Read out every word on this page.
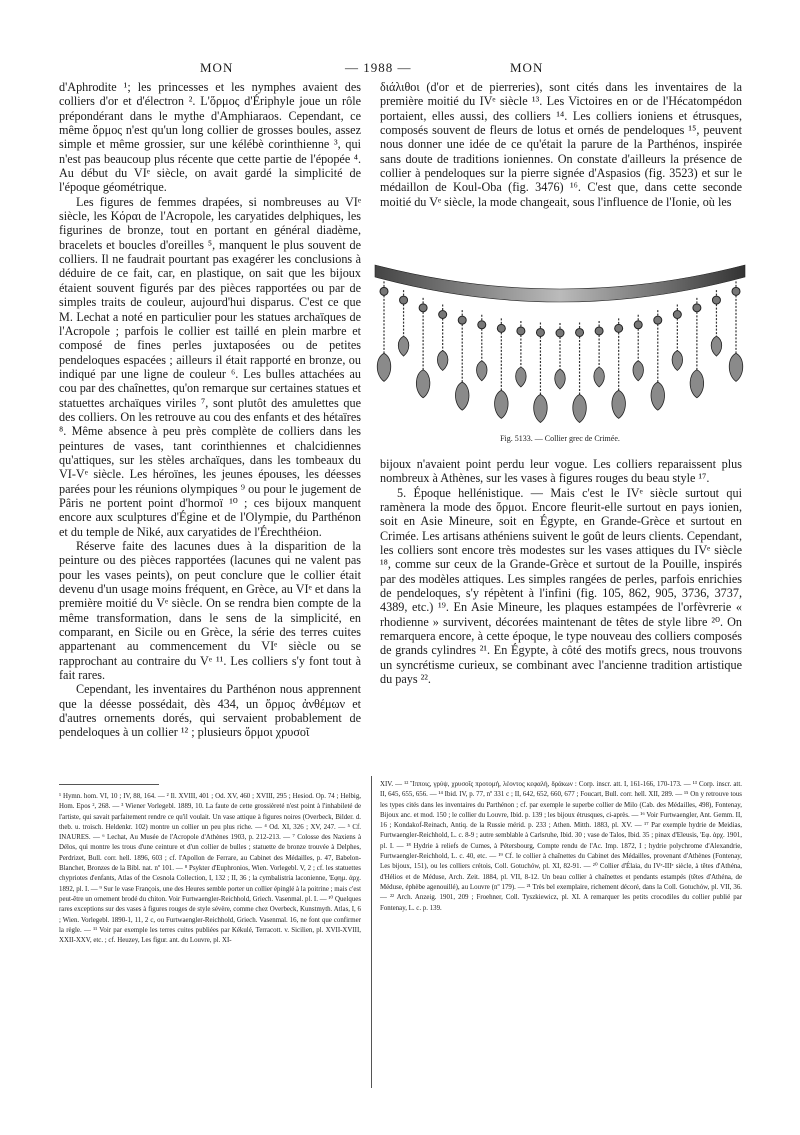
MON	— 1988 —	MON

d'Aphrodite ¹; les princesses et les nymphes avaient des colliers d'or et d'électron ². L'ὅρμος d'Ériphyle joue un rôle prépondérant dans le mythe d'Amphiaraos. Cependant, ce même ὅρμος n'est qu'un long collier de grosses boules, assez simple et même grossier, sur une kélébè corinthienne ³, qui n'est pas beaucoup plus récente que cette partie de l'épopée ⁴. Au début du VIᵉ siècle, on avait gardé la simplicité de l'époque géométrique.

Les figures de femmes drapées, si nombreuses au VIᵉ siècle, les Κόραι de l'Acropole, les caryatides delphiques, les figurines de bronze, tout en portant en général diadème, bracelets et boucles d'oreilles ⁵, manquent le plus souvent de colliers. Il ne faudrait pourtant pas exagérer les conclusions à déduire de ce fait, car, en plastique, on sait que les bijoux étaient souvent figurés par des pièces rapportées ou par de simples traits de couleur, aujourd'hui disparus. C'est ce que M. Lechat a noté en particulier pour les statues archaïques de l'Acropole ; parfois le collier est taillé en plein marbre et composé de fines perles juxtaposées ou de petites pendeloques espacées ; ailleurs il était rapporté en bronze, ou indiqué par une ligne de couleur ⁶. Les bulles attachées au cou par des chaînettes, qu'on remarque sur certaines statues et statuettes archaïques viriles ⁷, sont plutôt des amulettes que des colliers. On les retrouve au cou des enfants et des hétaïres ⁸. Même absence à peu près complète de colliers dans les peintures de vases, tant corinthiennes et chalcidiennes qu'attiques, sur les stèles archaïques, dans les tombeaux du VI-Vᵉ siècle. Les héroïnes, les jeunes épouses, les déesses parées pour les réunions olympiques ⁹ ou pour le jugement de Pâris ne portent point d'hormoï ¹⁰ ; ces bijoux manquent encore aux sculptures d'Égine et de l'Olympie, du Parthénon et du temple de Niké, aux caryatides de l'Érechthéion.

Réserve faite des lacunes dues à la disparition de la peinture ou des pièces rapportées (lacunes qui ne valent pas pour les vases peints), on peut conclure que le collier était devenu d'un usage moins fréquent, en Grèce, au VIᵉ et dans la première moitié du Vᵉ siècle. On se rendra bien compte de la même transformation, dans le sens de la simplicité, en comparant, en Sicile ou en Grèce, la série des terres cuites appartenant au commencement du VIᵉ siècle ou se rapprochant au contraire du Vᵉ ¹¹. Les colliers s'y font tout à fait rares.

Cependant, les inventaires du Parthénon nous apprennent que la déesse possédait, dès 434, un ὅρμος ἀνθέμων et d'autres ornements dorés, qui servaient probablement de pendeloques à un collier ¹² ; plusieurs ὅρμοι χρυσοῖ

διάλιθοι (d'or et de pierreries), sont cités dans les inventaires de la première moitié du IVᵉ siècle ¹³. Les Victoires en or de l'Hécatompédon portaient, elles aussi, des colliers ¹⁴. Les colliers ioniens et étrusques, composés souvent de fleurs de lotus et ornés de pendeloques ¹⁵, peuvent nous donner une idée de ce qu'était la parure de la Parthénos, inspirée sans doute de traditions ioniennes. On constate d'ailleurs la présence de collier à pendeloques sur la pierre signée d'Aspasios (fig. 3523) et sur le médaillon de Koul-Oba (fig. 3476) ¹⁶. C'est que, dans cette seconde moitié du Vᵉ siècle, la mode changeait, sous l'influence de l'Ionie, où les

Fig. 5133. — Collier grec de Crimée.

bijoux n'avaient point perdu leur vogue. Les colliers reparaissent plus nombreux à Athènes, sur les vases à figures rouges du beau style ¹⁷.

5. Époque hellénistique. — Mais c'est le IVᵉ siècle surtout qui ramènera la mode des ὅρμοι. Encore fleurit-elle surtout en pays ionien, soit en Asie Mineure, soit en Égypte, en Grande-Grèce et surtout en Crimée. Les artisans athéniens suivent le goût de leurs clients. Cependant, les colliers sont encore très modestes sur les vases attiques du IVᵉ siècle ¹⁸, comme sur ceux de la Grande-Grèce et surtout de la Pouille, inspirés par des modèles attiques. Les simples rangées de perles, parfois enrichies de pendeloques, s'y répètent à l'infini (fig. 105, 862, 905, 3736, 3737, 4389, etc.) ¹⁹. En Asie Mineure, les plaques estampées de l'orfèvrerie « rhodienne » survivent, décorées maintenant de têtes de style libre ²⁰. On remarquera encore, à cette époque, le type nouveau des colliers composés de grands cylindres ²¹. En Égypte, à côté des motifs grecs, nous trouvons un syncrétisme curieux, se combinant avec l'ancienne tradition artistique du pays ²².

¹ Hymn. hom. VI, 10 ; IV, 88, 164. — ² Il. XVIII, 401 ; Od. XV, 460 ; XVIII, 295 ; Hesiod. Op. 74 ; Helbig, Hom. Epos ², 268. — ³ Wiener Vorlegebl. 1889, 10. La faute de cette grossièreté n'est point à l'inhabileté de l'artiste, qui savait parfaitement rendre ce qu'il voulait. Un vase attique à figures noires (Overbeck, Bilder. d. theb. u. troisch. Heldenkr. 102) montre un collier un peu plus riche. — ⁴ Od. XI, 326 ; XV, 247. — ⁵ Cf. INAURES. — ⁶ Lechat, Au Musée de l'Acropole d'Athènes 1903, p. 212-213. — ⁷ Colosse des Naxiens à Délos, qui montre les trous d'une ceinture et d'un collier de bulles ; statuette de bronze trouvée à Delphes, Perdrizet, Bull. corr. hell. 1896, 603 ; cf. l'Apollon de Ferrare, au Cabinet des Médailles, p. 47, Babelon-Blanchet, Bronzes de la Bibl. nat. nº 101. — ⁸ Psykter d'Euphronios, Wien. Vorlegebl. V, 2 ; cf. les statuettes chypriotes d'enfants, Atlas of the Cesnola Collection, I, 132 ; II, 36 ; la cymbalistria laconienne, Ἐφημ. ἀρχ. 1892, pl. I. — ⁹ Sur le vase François, une des Heures semble porter un collier épinglé à la poitrine ; mais c'est peut-être un ornement brodé du chiton. Voir Furtwaengler-Reichhold, Griech. Vasenmal. pl. I. — ¹⁰ Quelques rares exceptions sur des vases à figures rouges de style sévère, comme chez Overbeck, Kunstmyth. Atlas, I, 6 ; Wien. Vorlegebl. 1890-1, 11, 2 c, ou Furtwaengler-Reichhold, Griech. Vasenmal. 16, ne font que confirmer la règle. — ¹¹ Voir par exemple les terres cuites publiées par Kékulé, Terracott. v. Sicilien, pl. XVII-XVIII, XXII-XXV, etc. ; cf. Heuzey, Les figur. ant. du Louvre, pl. XI-
XIV. — ¹² Ἵπποις, γρύψ, χρυσοῖς προτομή, λέοντος κεφαλή, δράκων : Corp. inscr. att. I, 161-166, 170-173. — ¹³ Corp. inscr. att. II, 645, 655, 656. — ¹⁴ Ibid. IV, p. 77, nº 331 c ; II, 642, 652, 660, 677 ; Foucart, Bull. corr. hell. XII, 289. — ¹⁵ On y retrouve tous les types cités dans les inventaires du Parthénon ; cf. par exemple le superbe collier de Milo (Cab. des Médailles, 498), Fontenay, Bijoux anc. et mod. 150 ; le collier du Louvre, Ibid. p. 139 ; les bijoux étrusques, ci-après. — ¹⁶ Voir Furtwaengler, Ant. Gemm. II, 16 ; Kondakof-Reinach, Antiq. de la Russie mérid. p. 233 ; Athen. Mitth. 1883, pl. XV. — ¹⁷ Par exemple hydrie de Meidias, Furtwaengler-Reichhold, L. c. 8-9 ; autre semblable à Carlsruhe, Ibid. 30 ; vase de Talos, Ibid. 35 ; pinax d'Eleusis, Ἐφ. ἀρχ. 1901, pl. I. — ¹⁸ Hydrie à reliefs de Cumes, à Pétersbourg, Compte rendu de l'Ac. Imp. 1872, I ; hydrie polychrome d'Alexandrie, Furtwaengler-Reichhold, L. c. 40, etc. — ¹⁹ Cf. le collier à chaînettes du Cabinet des Médailles, provenant d'Athènes (Fontenay, Les bijoux, 151), ou les colliers crétois, Coll. Gotuchów, pl. XI, 82-91. — ²⁰ Collier d'Élaia, du IVᵉ-IIIᵉ siècle, à têtes d'Athéna, d'Hélios et de Méduse, Arch. Zeit. 1884, pl. VII, 8-12. Un beau collier à chaînettes et pendants estampés (têtes d'Athéna, de Méduse, éphèbe agenouillé), au Louvre (nº 179). — ²¹ Très bel exemplaire, richement décoré, dans la Coll. Gotuchów, pl. VII, 36. — ²² Arch. Anzeig. 1901, 209 ; Froehner, Coll. Tyszkiewicz, pl. XI. A remarquer les petits crocodiles du collier publié par Fontenay, L. c. p. 139.
